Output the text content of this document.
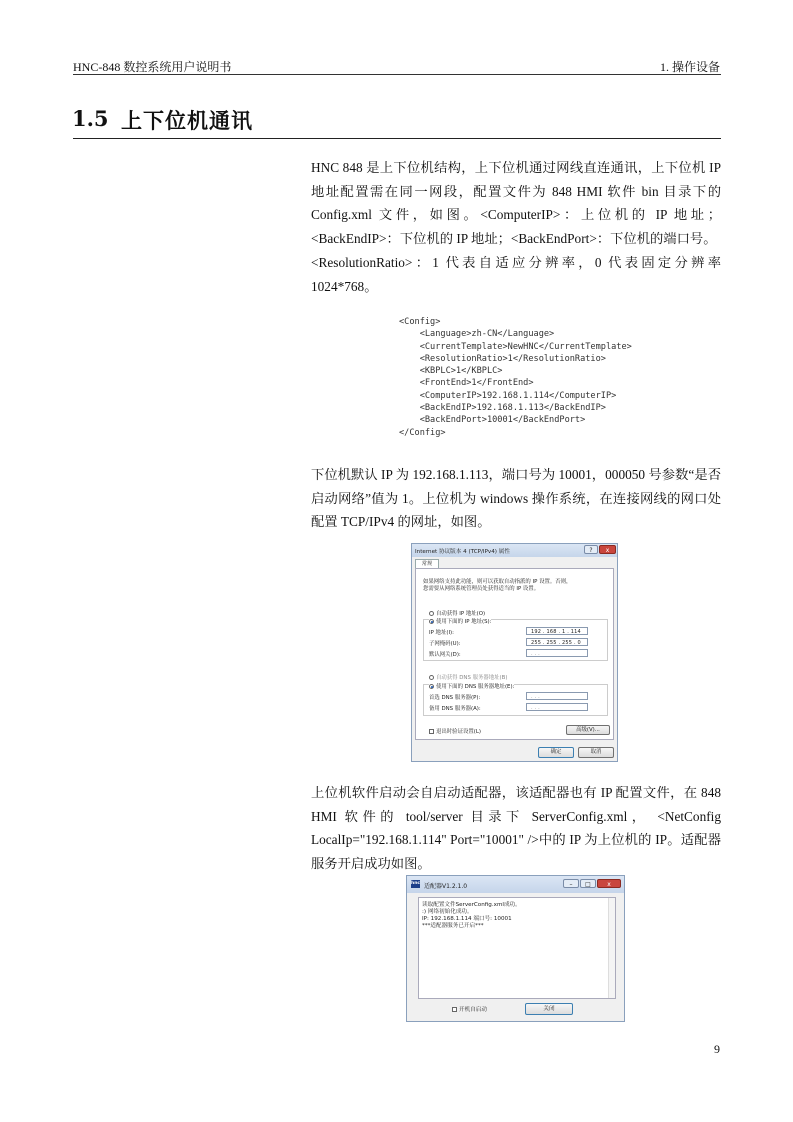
HNC-848 数控系统用户说明书	1. 操作设备
1.5 上下位机通讯
HNC 848 是上下位机结构，上下位机通过网线直连通讯，上下位机 IP 地址配置需在同一网段，配置文件为 848 HMI 软件 bin 目录下的 Config.xml 文件，如图。<ComputerIP>：上位机的 IP 地址；<BackEndIP>：下位机的 IP 地址；<BackEndPort>：下位机的端口号。
<ResolutionRatio>：1 代表自适应分辨率，0 代表固定分辨率 1024*768。
<Config>
<Language>zh-CN</Language>
<CurrentTemplate>NewHNC</CurrentTemplate>
<ResolutionRatio>1</ResolutionRatio>
<KBPLC>1</KBPLC>
<FrontEnd>1</FrontEnd>
<ComputerIP>192.168.1.114</ComputerIP>
<BackEndIP>192.168.1.113</BackEndIP>
<BackEndPort>10001</BackEndPort>
</Config>
下位机默认 IP 为 192.168.1.113，端口号为 10001，000050 号参数“是否启动网络”值为 1。上位机为 windows 操作系统，在连接网线的网口处配置 TCP/IPv4 的网址，如图。
Internet 协议版本 4 (TCP/IPv4) 属性	?	x
常规
如果网络支持此功能，则可以获取自动指派的 IP 设置。否则，
您需要从网络系统管理员处获得适当的 IP 设置。
自动获得 IP 地址(O)
使用下面的 IP 地址(S):
IP 地址(I):	192 . 168 . 1 . 114
子网掩码(U):	255 . 255 . 255 . 0
默认网关(D):	. . .
自动获得 DNS 服务器地址(B)
使用下面的 DNS 服务器地址(E):
首选 DNS 服务器(P):	. . .
备用 DNS 服务器(A):	. . .
退出时验证设置(L)	高级(V)...
确定	取消
上位机软件启动会自启动适配器，该适配器也有 IP 配置文件，在 848 HMI 软件的 tool/server 目录下 ServerConfig.xml， <NetConfig LocalIp="192.168.1.114" Port="10001" />中的 IP 为上位机的 IP。适配器服务开启成功如图。
hnc 适配器V1.2.1.0	–	□	x
读取配置文件ServerConfig.xml成功。
:) 网络初始化成功。
IP: 192.168.1.114 端口号: 10001
***适配器服务已开启***
开机自启动	关闭
9
